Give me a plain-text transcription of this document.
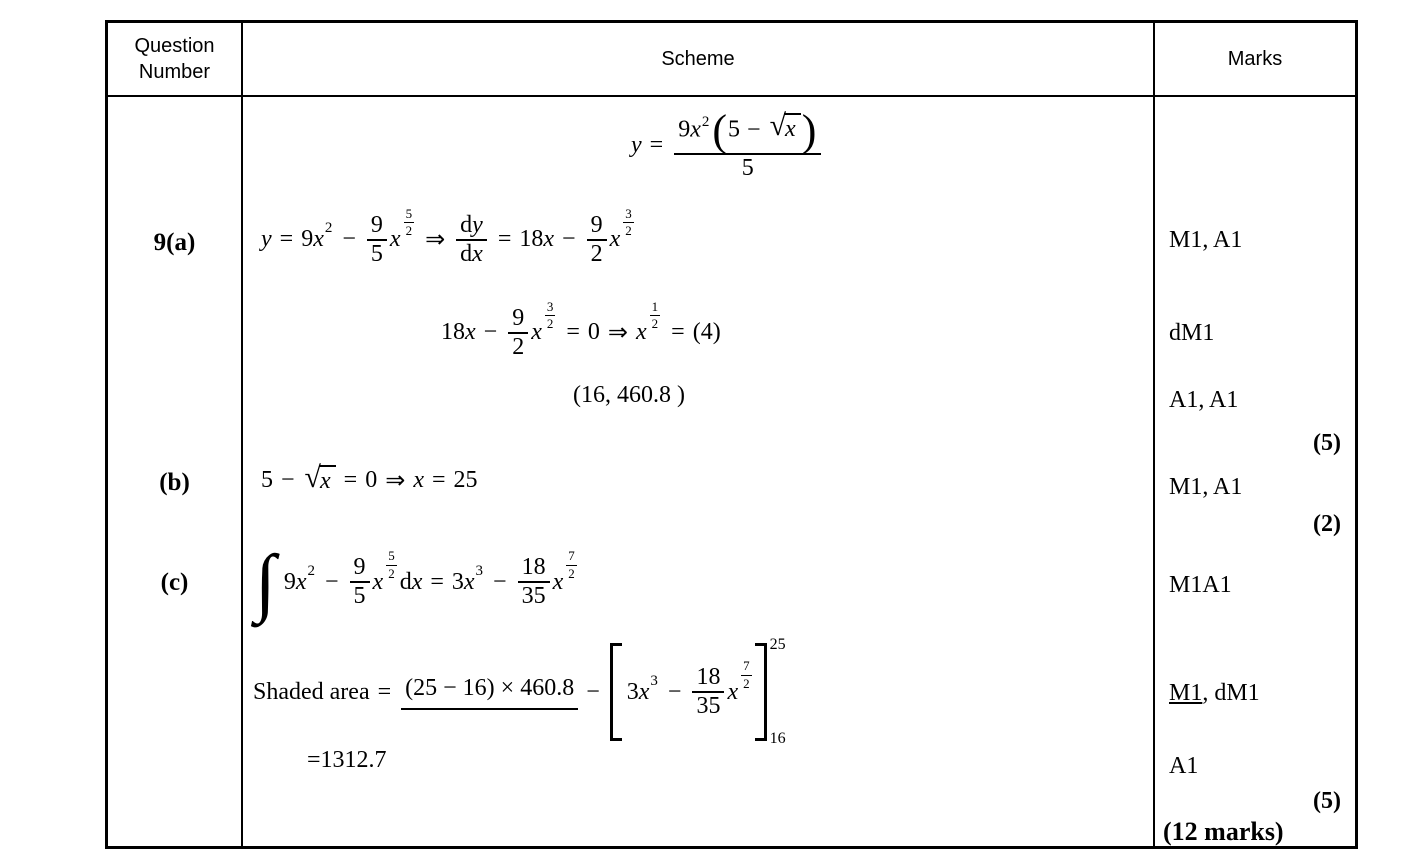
Question Number
Scheme	Marks
9(a)
(b)
(c)
$y = \frac{9x^2(5 - √ x )}{5}$
y = 9 x $2 - \frac{9}{5}$ x $\frac{5}{2}$
⇒ $\frac{dy}{dx} = 18$ $x - \frac{9}{2}$ x $\frac{3}{2}$
18 $x - \frac{9}{2}$ x $\frac{3}{2} = 0$ ⇒ x $\frac{1}{2} = (4)$
(16, 460.8 )
5 − √ x = 0 ⇒ x = 25
∫ 9 x $2 - \frac{9}{5}$ x $\frac{5}{2}$ d x = 3 x $3 - \frac{18}{35}$ x $\frac{7}{2}$
Shaded area = (25 − 16) × 460.8 − 3 x $3 - \frac{18}{35}$ x $\frac{7}{2}$
25
16
=1312.7
M1, A1
dM1
A1, A1
(5)
M1, A1
(2)
M1A1
M1, dM1
A1
(5)
(12 marks)
